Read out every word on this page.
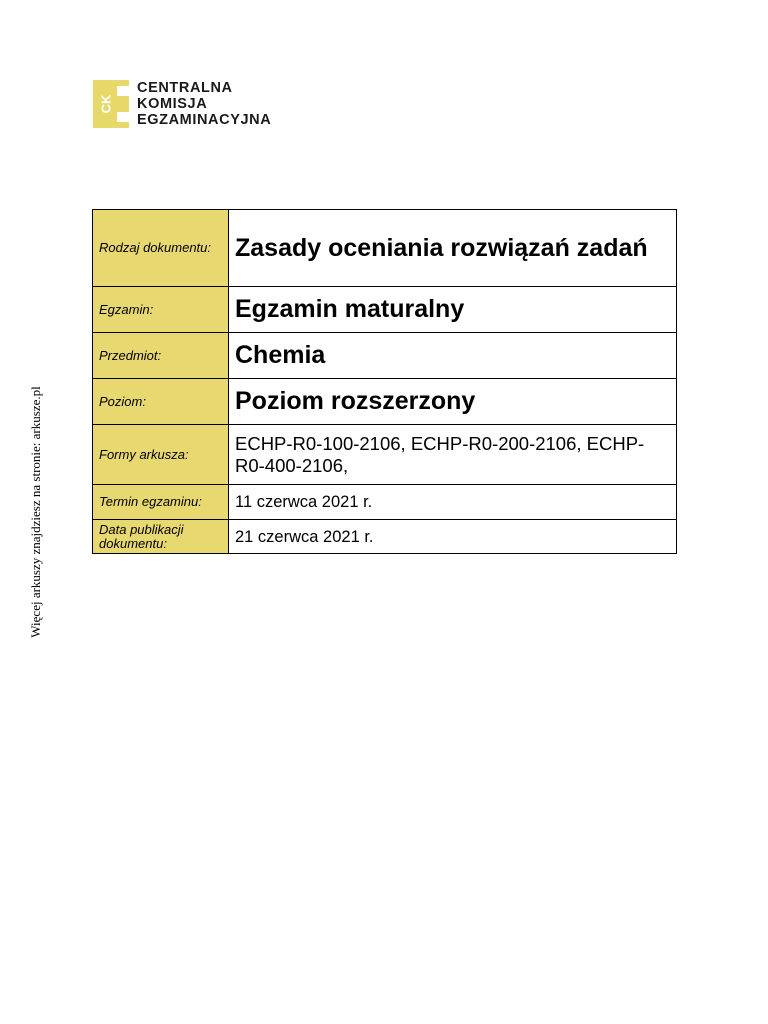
CK
CENTRALNA
KOMISJA
EGZAMINACYJNA
Więcej arkuszy znajdziesz na stronie: arkusze.pl
Rodzaj dokumentu:	Zasady oceniania rozwiązań zadań
Egzamin:	Egzamin maturalny
Przedmiot:	Chemia
Poziom:	Poziom rozszerzony
Formy arkusza:	ECHP-R0-100-2106, ECHP-R0-200-2106, ECHP-R0-400-2106,
Termin egzaminu:	11 czerwca 2021 r.
Data publikacji dokumentu:	21 czerwca 2021 r.
